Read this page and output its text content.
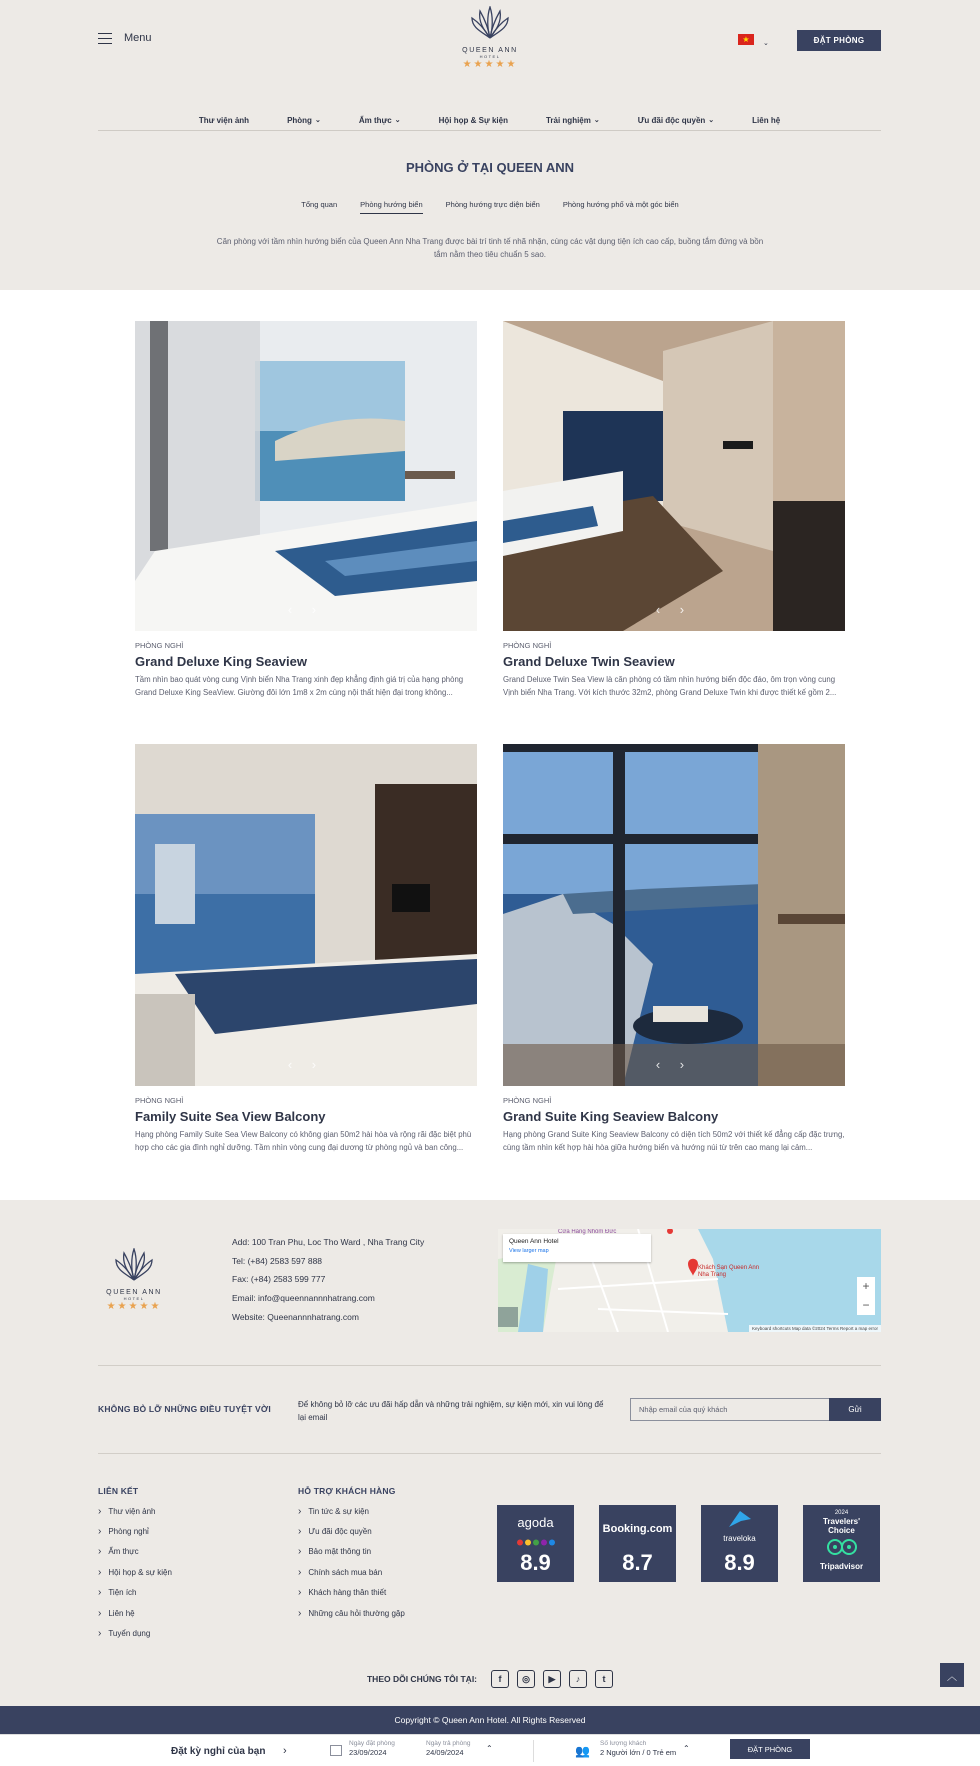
Menu
QUEEN ANN
HOTEL
★★★★★
★	⌄	ĐẶT PHÒNG
Thư viện ảnh	Phòng ⌄	Ẩm thực ⌄	Hội họp & Sự kiện	Trải nghiệm ⌄	Ưu đãi độc quyền ⌄	Liên hệ
PHÒNG Ở TẠI QUEEN ANN
Tổng quan	Phòng hướng biển	Phòng hướng trực diện biển	Phòng hướng phố và một góc biển
Căn phòng với tầm nhìn hướng biển của Queen Ann Nha Trang được bài trí tinh tế nhã nhặn, cùng các vật dụng tiện ích cao cấp, buồng tắm đứng và bồn tắm nằm theo tiêu chuẩn 5 sao.
‹ ›
PHÒNG NGHỈ
Grand Deluxe King Seaview
Tầm nhìn bao quát vòng cung Vịnh biển Nha Trang xinh đẹp khẳng định giá trị của hạng phòng Grand Deluxe King SeaView. Giường đôi lớn 1m8 x 2m cùng nội thất hiện đại trong không...
‹ ›
PHÒNG NGHỈ
Grand Deluxe Twin Seaview
Grand Deluxe Twin Sea View là căn phòng có tầm nhìn hướng biển độc đáo, ôm trọn vòng cung Vịnh biển Nha Trang. Với kích thước 32m2, phòng Grand Deluxe Twin khi được thiết kế gồm 2...
‹ ›
PHÒNG NGHỈ
Family Suite Sea View Balcony
Hạng phòng Family Suite Sea View Balcony có không gian 50m2 hài hòa và rộng rãi đặc biệt phù hợp cho các gia đình nghỉ dưỡng. Tầm nhìn vòng cung đại dương từ phòng ngủ và ban công...
‹ ›
PHÒNG NGHỈ
Grand Suite King Seaview Balcony
Hạng phòng Grand Suite King Seaview Balcony có diện tích 50m2 với thiết kế đẳng cấp đặc trưng, cùng tầm nhìn kết hợp hài hòa giữa hướng biển và hướng núi từ trên cao mang lại cảm...
QUEEN ANN
HOTEL
★★★★★
Add: 100 Tran Phu, Loc Tho Ward , Nha Trang City
Tel: (+84) 2583 597 888
Fax: (+84) 2583 599 777
Email: info@queennannnhatrang.com
Website: Queenannnhatrang.com
Queen Ann Hotel
View larger map
Cửa Hàng Nhôm Đức
Khách Sạn Queen Ann Nha Trang
+
−
Keyboard shortcuts Map data ©2024 Terms Report a map error
KHÔNG BỎ LỠ NHỮNG ĐIỀU TUYỆT VỜI	Để không bỏ lỡ các ưu đãi hấp dẫn và những trải nghiệm, sự kiện mới, xin vui lòng để lại email
Nhập email của quý khách	Gửi
LIÊN KẾT
› Thư viện ảnh
› Phòng nghỉ
› Ẩm thực
› Hội họp & sự kiện
› Tiện ích
› Liên hệ
› Tuyển dụng
HỖ TRỢ KHÁCH HÀNG
› Tin tức & sự kiện
› Ưu đãi độc quyền
› Bảo mật thông tin
› Chính sách mua bán
› Khách hàng thân thiết
› Những câu hỏi thường gặp
agoda
8.9
Booking.com
8.7
traveloka
8.9
2024
Travelers' Choice
Tripadvisor
THEO DÕI CHÚNG TÔI TẠI:	f	◎	▶	♪	t	︿
Copyright © Queen Ann Hotel. All Rights Reserved
Đặt kỳ nghỉ của bạn ›
Ngày đặt phòng
23/09/2024
Ngày trả phòng
24/09/2024	⌃	👥
Số lượng khách
2 Người lớn / 0 Trẻ em ⌃	ĐẶT PHÒNG
